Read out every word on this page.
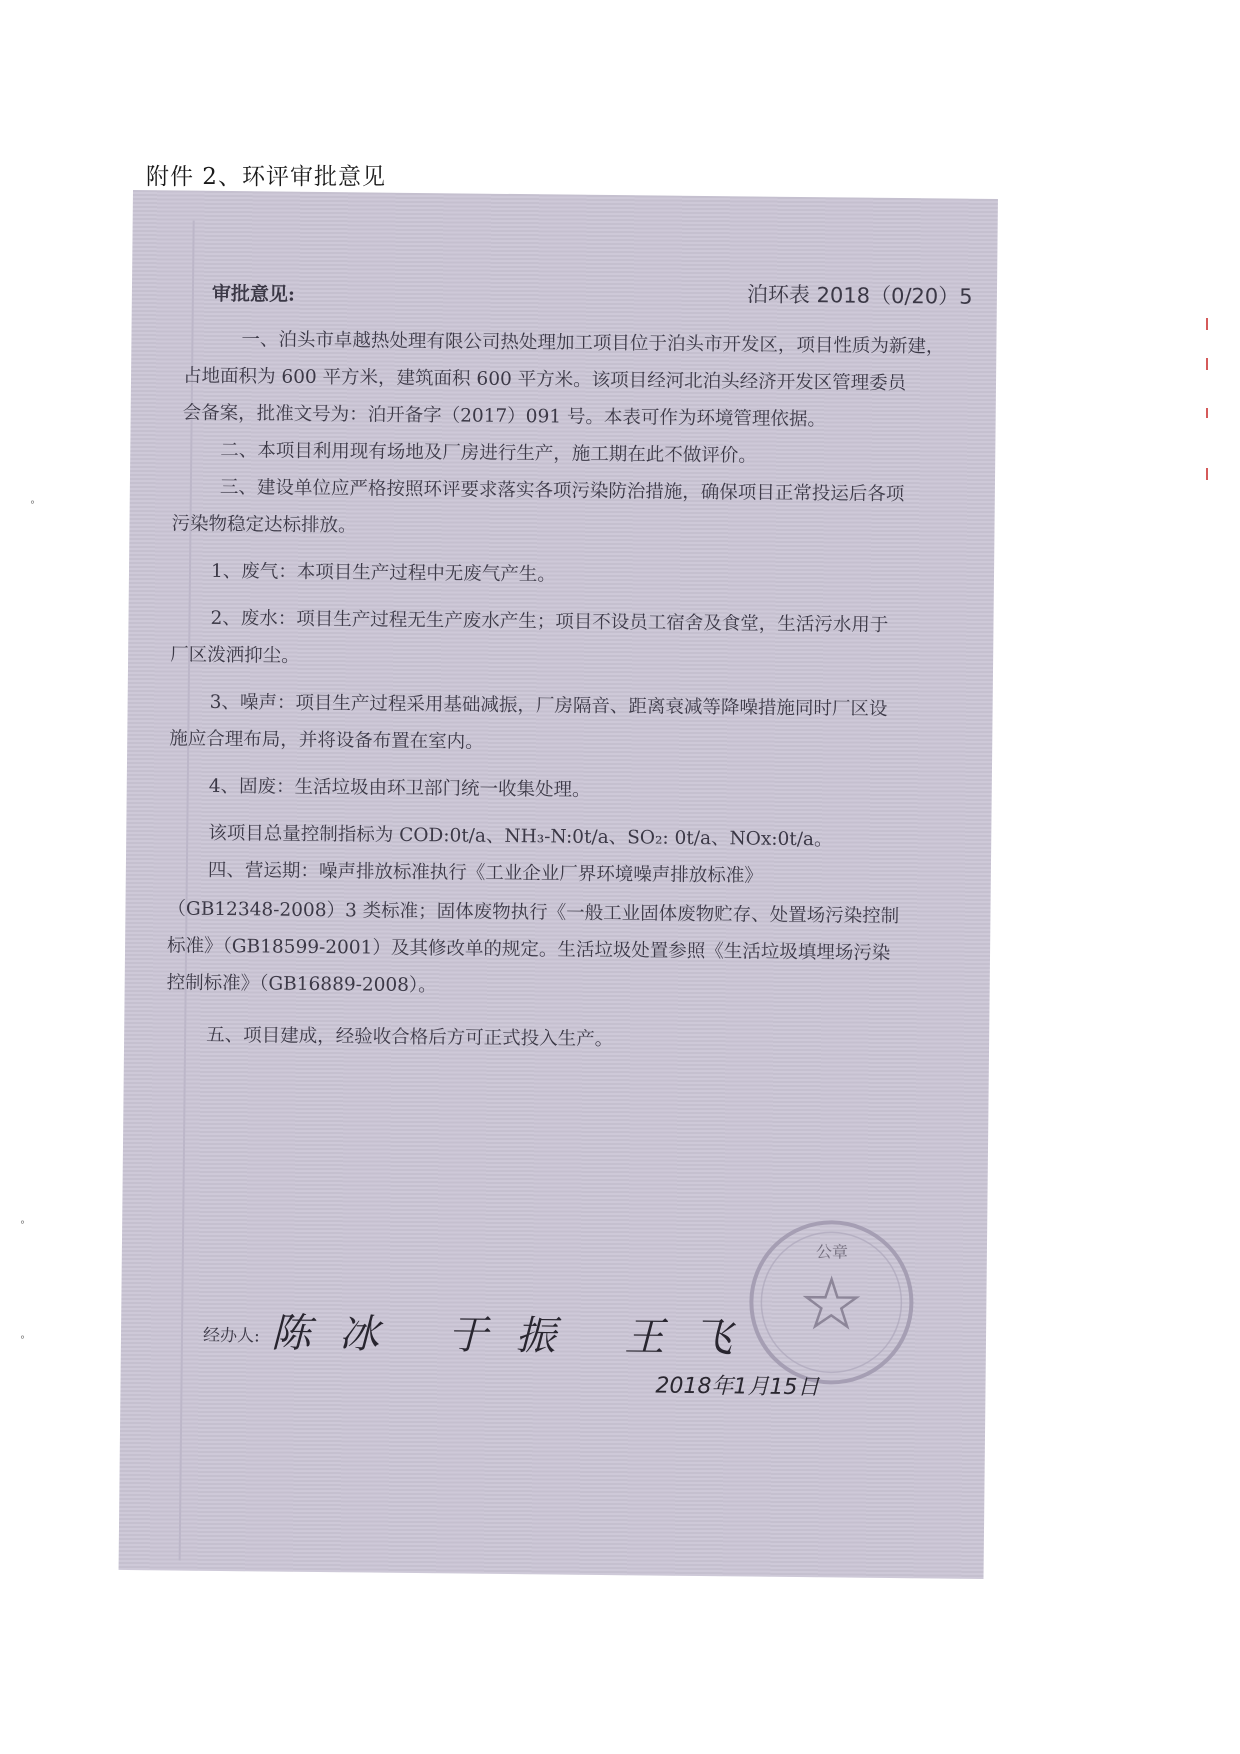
附件 2、环评审批意见
审批意见:	泊环表 2018（0/20）5
一、泊头市卓越热处理有限公司热处理加工项目位于泊头市开发区，项目性质为新建，
占地面积为 600 平方米，建筑面积 600 平方米。该项目经河北泊头经济开发区管理委员
会备案，批准文号为：泊开备字（2017）091 号。本表可作为环境管理依据。
二、本项目利用现有场地及厂房进行生产，施工期在此不做评价。
三、建设单位应严格按照环评要求落实各项污染防治措施，确保项目正常投运后各项
污染物稳定达标排放。
1、废气：本项目生产过程中无废气产生。
2、废水：项目生产过程无生产废水产生；项目不设员工宿舍及食堂，生活污水用于
厂区泼洒抑尘。
3、噪声：项目生产过程采用基础减振，厂房隔音、距离衰减等降噪措施同时厂区设
施应合理布局，并将设备布置在室内。
4、固废：生活垃圾由环卫部门统一收集处理。
该项目总量控制指标为 COD:0t/a、NH₃-N:0t/a、SO₂: 0t/a、NOx:0t/a。
四、营运期：噪声排放标准执行《工业企业厂界环境噪声排放标准》
（GB12348-2008）3 类标准；固体废物执行《一般工业固体废物贮存、处置场污染控制
标准》（GB18599-2001）及其修改单的规定。生活垃圾处置参照《生活垃圾填埋场污染
控制标准》（GB16889-2008）。
五、项目建成，经验收合格后方可正式投入生产。
经办人: 陈冰 于振 王飞
公章
2018年1月15日
°
°
°
